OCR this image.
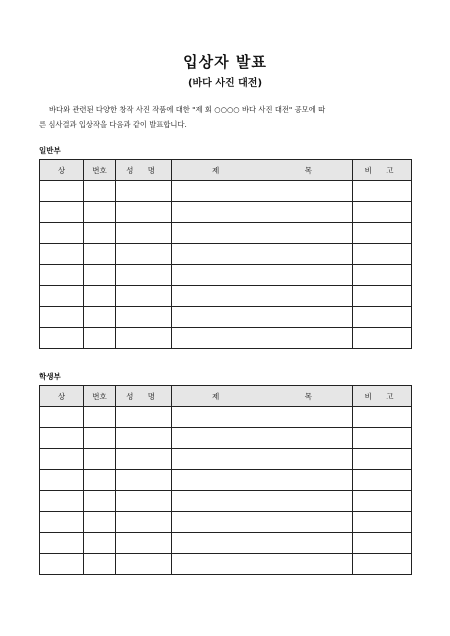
입상자 발표
(바다 사진 대전)
바다와 관련된 다양한 창작 사진 작품에 대한 "제 회 ○○○○ 바다 사진 대전" 공모에 따
른 심사결과 입상작을 다음과 같이 발표합니다.
일반부
상	번호	성 명	제 목	비 고

학생부
상	번호	성 명	제 목	비 고
